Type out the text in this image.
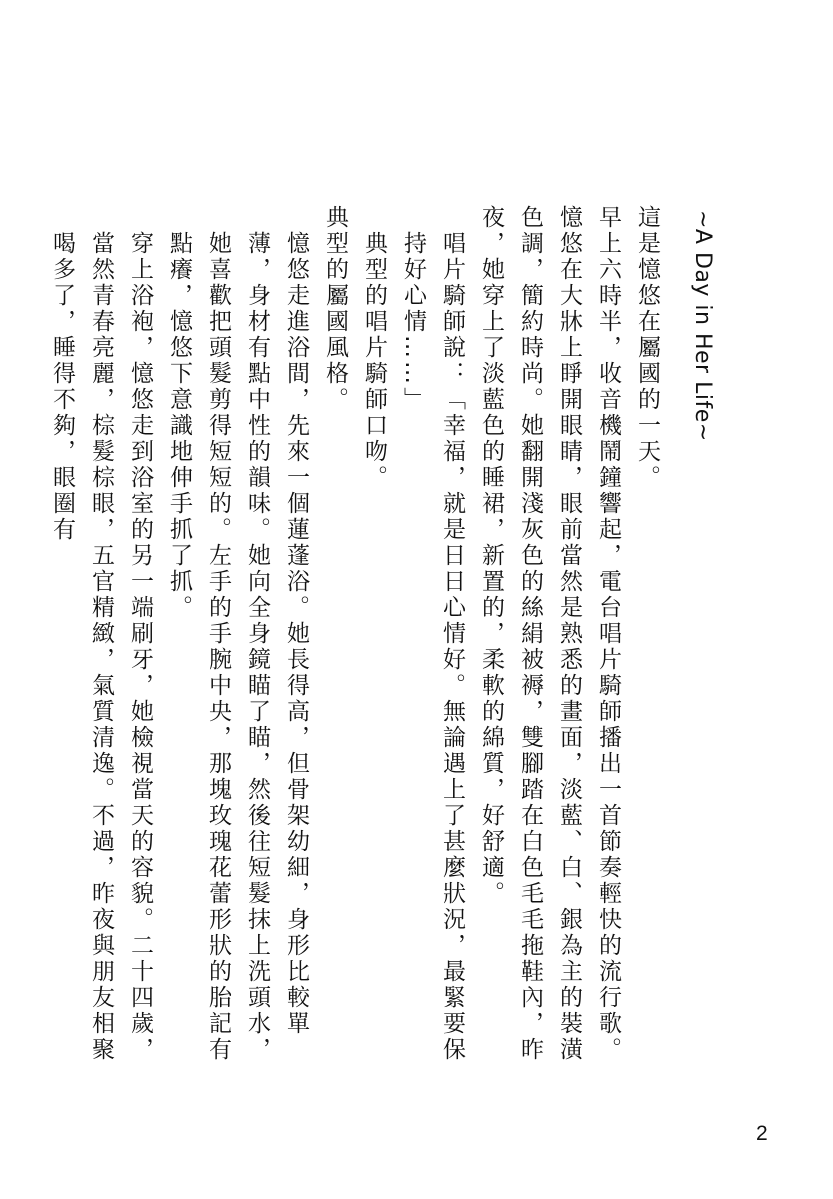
~A Day in Her Life~

這是憶悠在屬國的一天。

早上六時半，收音機鬧鐘響起，電台唱片騎師播出一首節奏輕快的流行歌。

憶悠在大牀上睜開眼睛，眼前當然是熟悉的畫面，淡藍、白、銀為主的裝潢色調，簡約時尚。她翻開淺灰色的絲絹被褥，雙腳踏在白色毛毛拖鞋內，昨夜，她穿上了淡藍色的睡裙，新置的，柔軟的綿質，好舒適。

唱片騎師說：「幸福，就是日日心情好。無論遇上了甚麼狀況，最緊要保持好心情……」

典型的唱片騎師口吻。

典型的屬國風格。

憶悠走進浴間，先來一個蓮蓬浴。她長得高，但骨架幼細，身形比較單薄，身材有點中性的韻味。她向全身鏡瞄了瞄，然後往短髮抹上洗頭水，她喜歡把頭髮剪得短短的。左手的手腕中央，那塊玫瑰花蕾形狀的胎記有點癢，憶悠下意識地伸手抓了抓。

穿上浴袍，憶悠走到浴室的另一端刷牙，她檢視當天的容貌。二十四歲，當然青春亮麗，棕髮棕眼，五官精緻，氣質清逸。不過，昨夜與朋友相聚喝多了，睡得不夠，眼圈有

2
